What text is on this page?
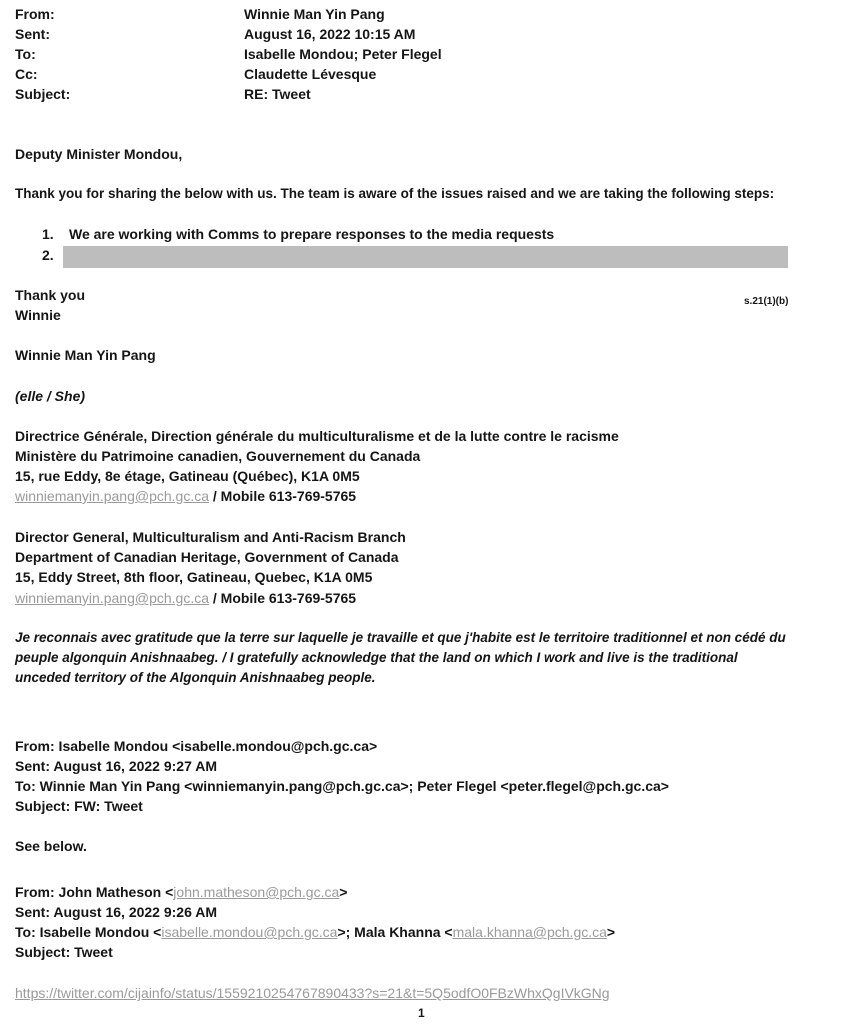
From:
Sent:
To:
Cc:
Subject:
Winnie Man Yin Pang
August 16, 2022 10:15 AM
Isabelle Mondou; Peter Flegel
Claudette Lévesque
RE: Tweet
Deputy Minister Mondou,
Thank you for sharing the below with us. The team is aware of the issues raised and we are taking the following steps:
1. We are working with Comms to prepare responses to the media requests
2.
Thank you
Winnie
s.21(1)(b)
Winnie Man Yin Pang
(elle / She)
Directrice Générale, Direction générale du multiculturalisme et de la lutte contre le racisme
Ministère du Patrimoine canadien, Gouvernement du Canada
15, rue Eddy, 8e étage, Gatineau (Québec), K1A 0M5
winniemanyin.pang@pch.gc.ca / Mobile 613-769-5765
Director General, Multiculturalism and Anti-Racism Branch
Department of Canadian Heritage, Government of Canada
15, Eddy Street, 8th floor, Gatineau, Quebec, K1A 0M5
winniemanyin.pang@pch.gc.ca / Mobile 613-769-5765
Je reconnais avec gratitude que la terre sur laquelle je travaille et que j'habite est le territoire traditionnel et non cédé du
peuple algonquin Anishnaabeg. / I gratefully acknowledge that the land on which I work and live is the traditional
unceded territory of the Algonquin Anishnaabeg people.
From: Isabelle Mondou <isabelle.mondou@pch.gc.ca>
Sent: August 16, 2022 9:27 AM
To: Winnie Man Yin Pang <winniemanyin.pang@pch.gc.ca>; Peter Flegel <peter.flegel@pch.gc.ca>
Subject: FW: Tweet
See below.
From: John Matheson <john.matheson@pch.gc.ca>
Sent: August 16, 2022 9:26 AM
To: Isabelle Mondou <isabelle.mondou@pch.gc.ca>; Mala Khanna <mala.khanna@pch.gc.ca>
Subject: Tweet
https://twitter.com/cijainfo/status/1559210254767890433?s=21&t=5Q5odfO0FBzWhxQgIVkGNg
1
